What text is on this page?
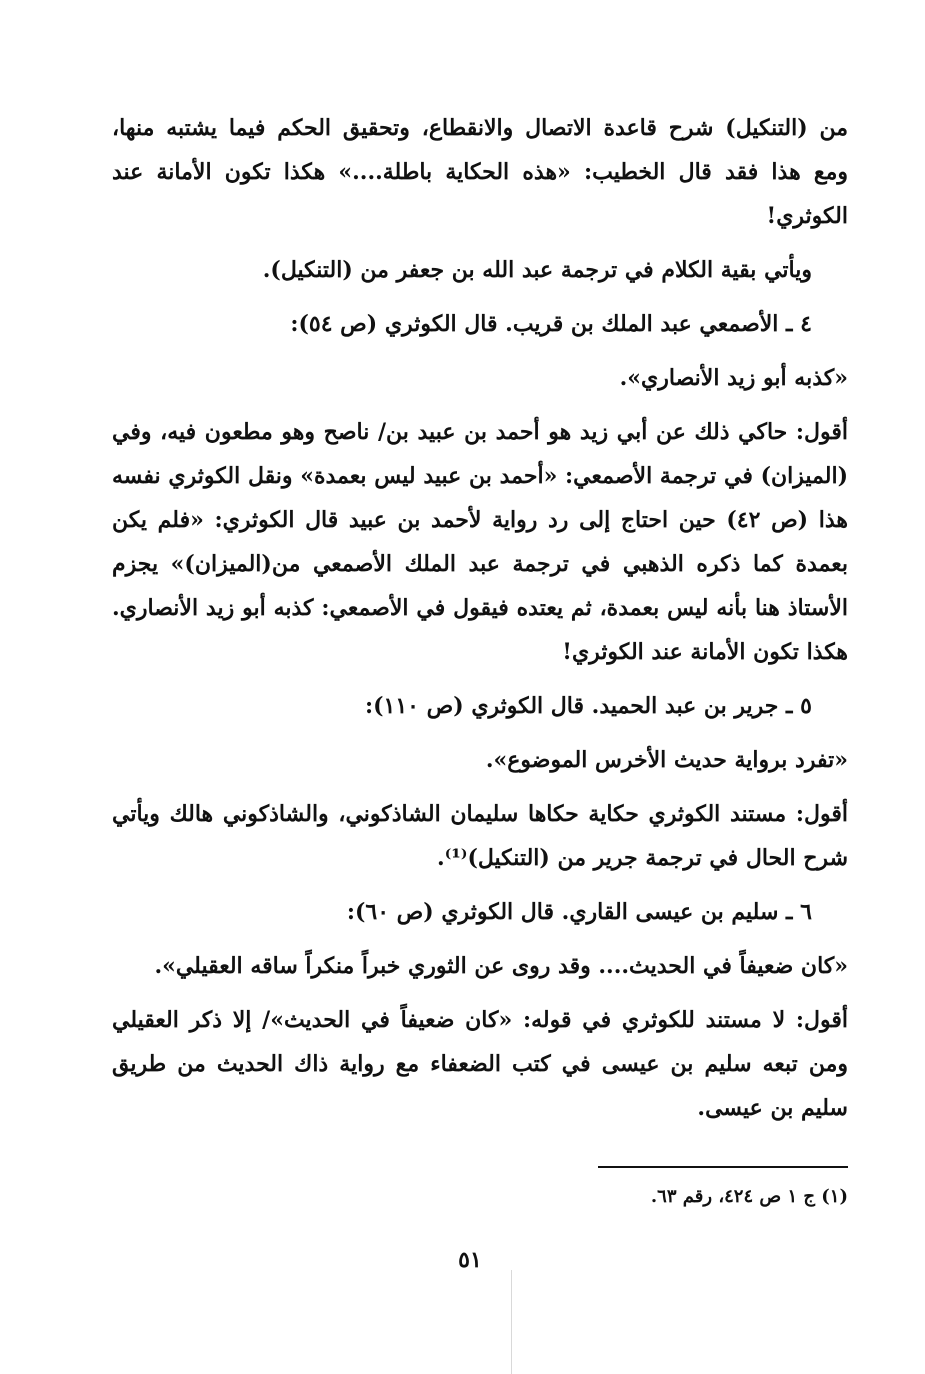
من (التنكيل) شرح قاعدة الاتصال والانقطاع، وتحقيق الحكم فيما يشتبه منها، ومع هذا فقد قال الخطيب: «هذه الحكاية باطلة....» هكذا تكون الأمانة عند الكوثري!

ويأتي بقية الكلام في ترجمة عبد الله بن جعفر من (التنكيل).

٤ ـ الأصمعي عبد الملك بن قريب. قال الكوثري (ص ٥٤):

«كذبه أبو زيد الأنصاري».

أقول: حاكي ذلك عن أبي زيد هو أحمد بن عبيد بن/ ناصح وهو مطعون فيه، وفي (الميزان) في ترجمة الأصمعي: «أحمد بن عبيد ليس بعمدة» ونقل الكوثري نفسه هذا (ص ٤٢) حين احتاج إلى رد رواية لأحمد بن عبيد قال الكوثري: «فلم يكن بعمدة كما ذكره الذهبي في ترجمة عبد الملك الأصمعي من(الميزان)» يجزم الأستاذ هنا بأنه ليس بعمدة، ثم يعتده فيقول في الأصمعي: كذبه أبو زيد الأنصاري. هكذا تكون الأمانة عند الكوثري!

٥ ـ جرير بن عبد الحميد. قال الكوثري (ص ١١٠):

«تفرد برواية حديث الأخرس الموضوع».

أقول: مستند الكوثري حكاية حكاها سليمان الشاذكوني، والشاذكوني هالك ويأتي شرح الحال في ترجمة جرير من (التنكيل)⁽¹⁾.

٦ ـ سليم بن عيسى القاري. قال الكوثري (ص ٦٠):

«كان ضعيفاً في الحديث.... وقد روى عن الثوري خبراً منكراً ساقه العقيلي».

أقول: لا مستند للكوثري في قوله: «كان ضعيفاً في الحديث»/ إلا ذكر العقيلي ومن تبعه سليم بن عيسى في كتب الضعفاء مع رواية ذاك الحديث من طريق سليم بن عيسى.

(١) ج ١ ص ٤٢٤، رقم ٦٣.
٥١
